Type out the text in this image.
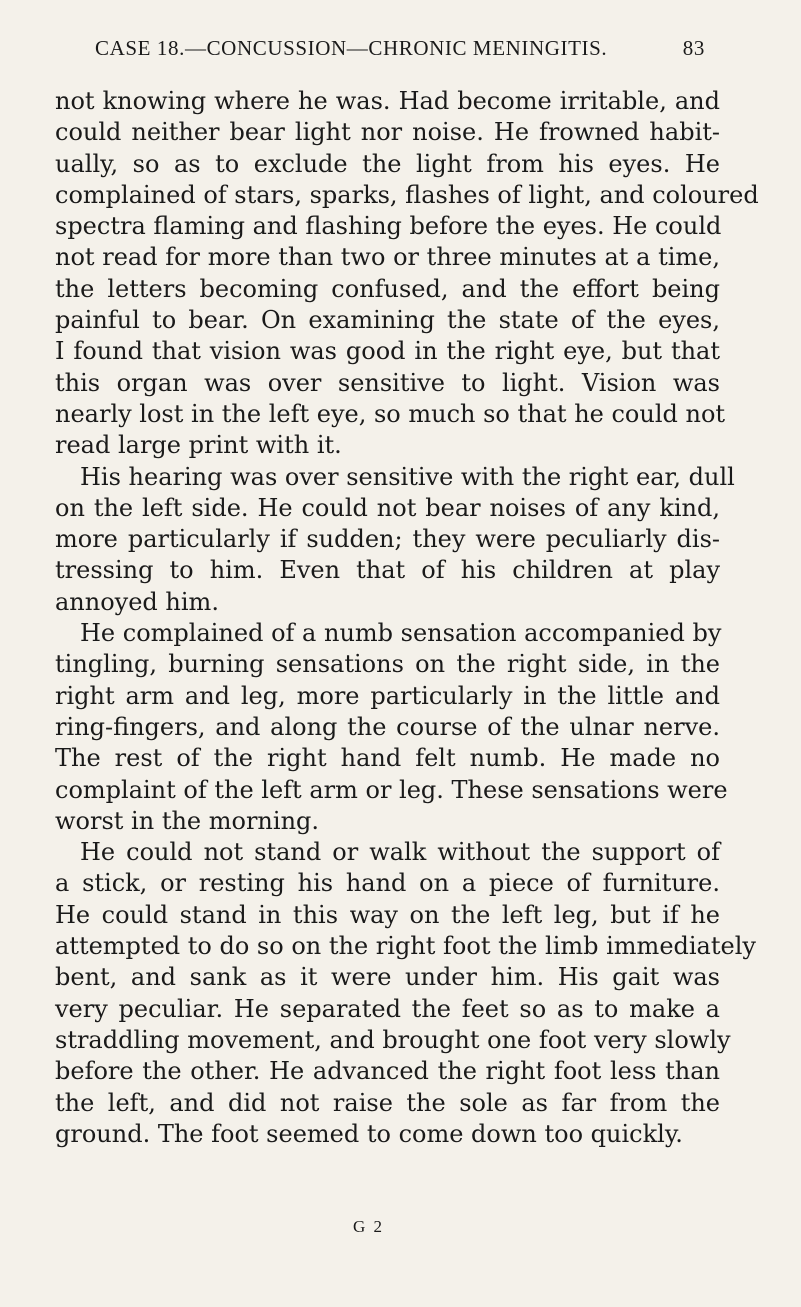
CASE 18.—CONCUSSION—CHRONIC MENINGITIS.	83
not knowing where he was. Had become irritable, and
could neither bear light nor noise. He frowned habit-
ually, so as to exclude the light from his eyes. He
complained of stars, sparks, flashes of light, and coloured
spectra flaming and flashing before the eyes. He could
not read for more than two or three minutes at a time,
the letters becoming confused, and the effort being
painful to bear. On examining the state of the eyes,
I found that vision was good in the right eye, but that
this organ was over sensitive to light. Vision was
nearly lost in the left eye, so much so that he could not
read large print with it.
His hearing was over sensitive with the right ear, dull
on the left side. He could not bear noises of any kind,
more particularly if sudden; they were peculiarly dis-
tressing to him. Even that of his children at play
annoyed him.
He complained of a numb sensation accompanied by
tingling, burning sensations on the right side, in the
right arm and leg, more particularly in the little and
ring-fingers, and along the course of the ulnar nerve.
The rest of the right hand felt numb. He made no
complaint of the left arm or leg. These sensations were
worst in the morning.
He could not stand or walk without the support of
a stick, or resting his hand on a piece of furniture.
He could stand in this way on the left leg, but if he
attempted to do so on the right foot the limb immediately
bent, and sank as it were under him. His gait was
very peculiar. He separated the feet so as to make a
straddling movement, and brought one foot very slowly
before the other. He advanced the right foot less than
the left, and did not raise the sole as far from the
ground. The foot seemed to come down too quickly.
G 2
